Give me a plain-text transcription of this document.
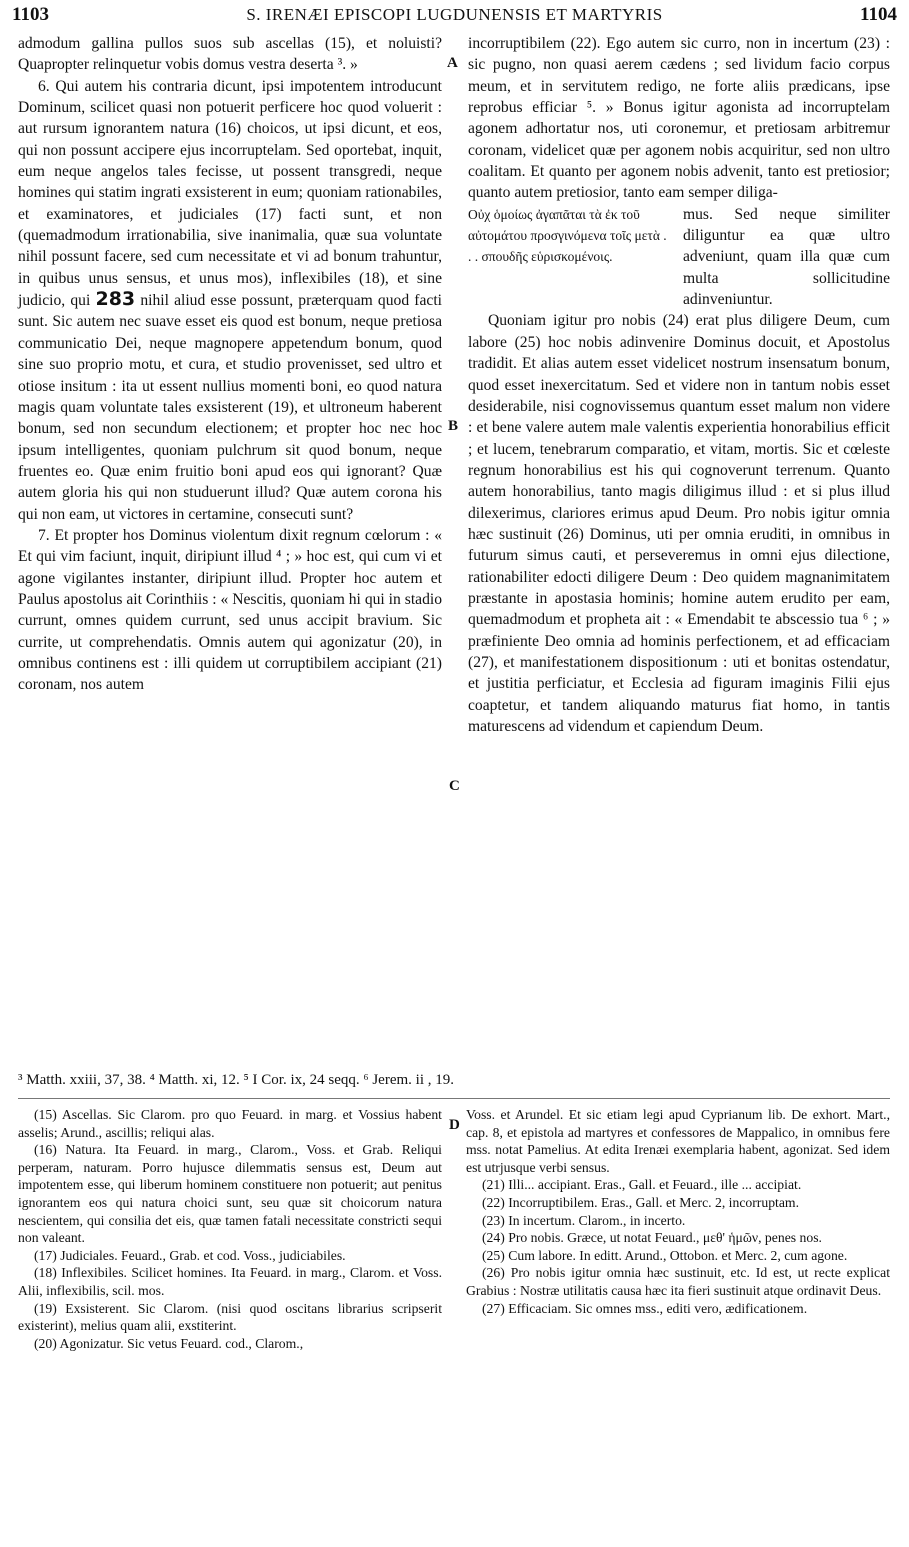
1103	S. IRENÆI EPISCOPI LUGDUNENSIS ET MARTYRIS	1104
A
B
C
D

admodum gallina pullos suos sub ascellas (15), et noluisti? Quapropter relinquetur vobis domus vestra deserta ³. »

6. Qui autem his contraria dicunt, ipsi impotentem introducunt Dominum, scilicet quasi non potuerit perficere hoc quod voluerit : aut rursum ignorantem natura (16) choicos, ut ipsi dicunt, et eos, qui non possunt accipere ejus incorruptelam. Sed oportebat, inquit, eum neque angelos tales fecisse, ut possent transgredi, neque homines qui statim ingrati exsisterent in eum; quoniam rationabiles, et examinatores, et judiciales (17) facti sunt, et non (quemadmodum irrationabilia, sive inanimalia, quæ sua voluntate nihil possunt facere, sed cum necessitate et vi ad bonum trahuntur, in quibus unus sensus, et unus mos), inflexibiles (18), et sine judicio, qui 283 nihil aliud esse possunt, præterquam quod facti sunt. Sic autem nec suave esset eis quod est bonum, neque pretiosa communicatio Dei, neque magnopere appetendum bonum, quod sine suo proprio motu, et cura, et studio provenisset, sed ultro et otiose insitum : ita ut essent nullius momenti boni, eo quod natura magis quam voluntate tales exsisterent (19), et ultroneum haberent bonum, sed non secundum electionem; et propter hoc nec hoc ipsum intelligentes, quoniam pulchrum sit quod bonum, neque fruentes eo. Quæ enim fruitio boni apud eos qui ignorant? Quæ autem gloria his qui non studuerunt illud? Quæ autem corona his qui non eam, ut victores in certamine, consecuti sunt?

7. Et propter hos Dominus violentum dixit regnum cœlorum : « Et qui vim faciunt, inquit, diripiunt illud ⁴ ; » hoc est, qui cum vi et agone vigilantes instanter, diripiunt illud. Propter hoc autem et Paulus apostolus ait Corinthiis : « Nescitis, quoniam hi qui in stadio currunt, omnes quidem currunt, sed unus accipit bravium. Sic currite, ut comprehendatis. Omnis autem qui agonizatur (20), in omnibus continens est : illi quidem ut corruptibilem accipiant (21) coronam, nos autem

incorruptibilem (22). Ego autem sic curro, non in incertum (23) : sic pugno, non quasi aerem cædens ; sed lividum facio corpus meum, et in servitutem redigo, ne forte aliis prædicans, ipse reprobus efficiar ⁵. » Bonus igitur agonista ad incorruptelam agonem adhortatur nos, uti coronemur, et pretiosam arbitremur coronam, videlicet quæ per agonem nobis acquiritur, sed non ultro coalitam. Et quanto per agonem nobis advenit, tanto est pretiosior; quanto autem pretiosior, tanto eam semper diliga-

Οὐχ ὁμοίως ἀγαπᾶται τὰ ἐκ τοῦ αὐτομάτου προσγινόμενα τοῖς μετὰ . . . σπουδῆς εὑρισκομένοις.
mus. Sed neque similiter diliguntur ea quæ ultro adveniunt, quam illa quæ cum multa sollicitudine adinveniuntur.

Quoniam igitur pro nobis (24) erat plus diligere Deum, cum labore (25) hoc nobis adinvenire Dominus docuit, et Apostolus tradidit. Et alias autem esset videlicet nostrum insensatum bonum, quod esset inexercitatum. Sed et videre non in tantum nobis esset desiderabile, nisi cognovissemus quantum esset malum non videre : et bene valere autem male valentis experientia honorabilius efficit ; et lucem, tenebrarum comparatio, et vitam, mortis. Sic et cœleste regnum honorabilius est his qui cognoverunt terrenum. Quanto autem honorabilius, tanto magis diligimus illud : et si plus illud dilexerimus, clariores erimus apud Deum. Pro nobis igitur omnia hæc sustinuit (26) Dominus, uti per omnia eruditi, in omnibus in futurum simus cauti, et perseveremus in omni ejus dilectione, rationabiliter edocti diligere Deum : Deo quidem magnanimitatem præstante in apostasia hominis; homine autem erudito per eam, quemadmodum et propheta ait : « Emendabit te abscessio tua ⁶ ; » præfiniente Deo omnia ad hominis perfectionem, et ad efficaciam (27), et manifestationem dispositionum : uti et bonitas ostendatur, et justitia perficiatur, et Ecclesia ad figuram imaginis Filii ejus coaptetur, et tandem aliquando maturus fiat homo, in tantis maturescens ad videndum et capiendum Deum.

³ Matth. xxiii, 37, 38. ⁴ Matth. xi, 12. ⁵ I Cor. ix, 24 seqq. ⁶ Jerem. ii , 19.

(15) Ascellas. Sic Clarom. pro quo Feuard. in marg. et Vossius habent asselis; Arund., ascillis; reliqui alas.

(16) Natura. Ita Feuard. in marg., Clarom., Voss. et Grab. Reliqui perperam, naturam. Porro hujusce dilemmatis sensus est, Deum aut impotentem esse, qui liberum hominem constituere non potuerit; aut penitus ignorantem eos qui natura choici sunt, seu quæ sit choicorum natura nescientem, qui consilia det eis, quæ tamen fatali necessitate constricti sequi non valeant.

(17) Judiciales. Feuard., Grab. et cod. Voss., judiciabiles.

(18) Inflexibiles. Scilicet homines. Ita Feuard. in marg., Clarom. et Voss. Alii, inflexibilis, scil. mos.

(19) Exsisterent. Sic Clarom. (nisi quod oscitans librarius scripserit existerint), melius quam alii, exstiterint.

(20) Agonizatur. Sic vetus Feuard. cod., Clarom.,

Voss. et Arundel. Et sic etiam legi apud Cyprianum lib. De exhort. Mart., cap. 8, et epistola ad martyres et confessores de Mappalico, in omnibus fere mss. notat Pamelius. At edita Irenæi exemplaria habent, agonizat. Sed idem est utrjusque verbi sensus.

(21) Illi... accipiant. Eras., Gall. et Feuard., ille ... accipiat.

(22) Incorruptibilem. Eras., Gall. et Merc. 2, incorruptam.

(23) In incertum. Clarom., in incerto.

(24) Pro nobis. Græce, ut notat Feuard., μεθ' ἡμῶν, penes nos.

(25) Cum labore. In editt. Arund., Ottobon. et Merc. 2, cum agone.

(26) Pro nobis igitur omnia hæc sustinuit, etc. Id est, ut recte explicat Grabius : Nostræ utilitatis causa hæc ita fieri sustinuit atque ordinavit Deus.

(27) Efficaciam. Sic omnes mss., editi vero, ædificationem.
